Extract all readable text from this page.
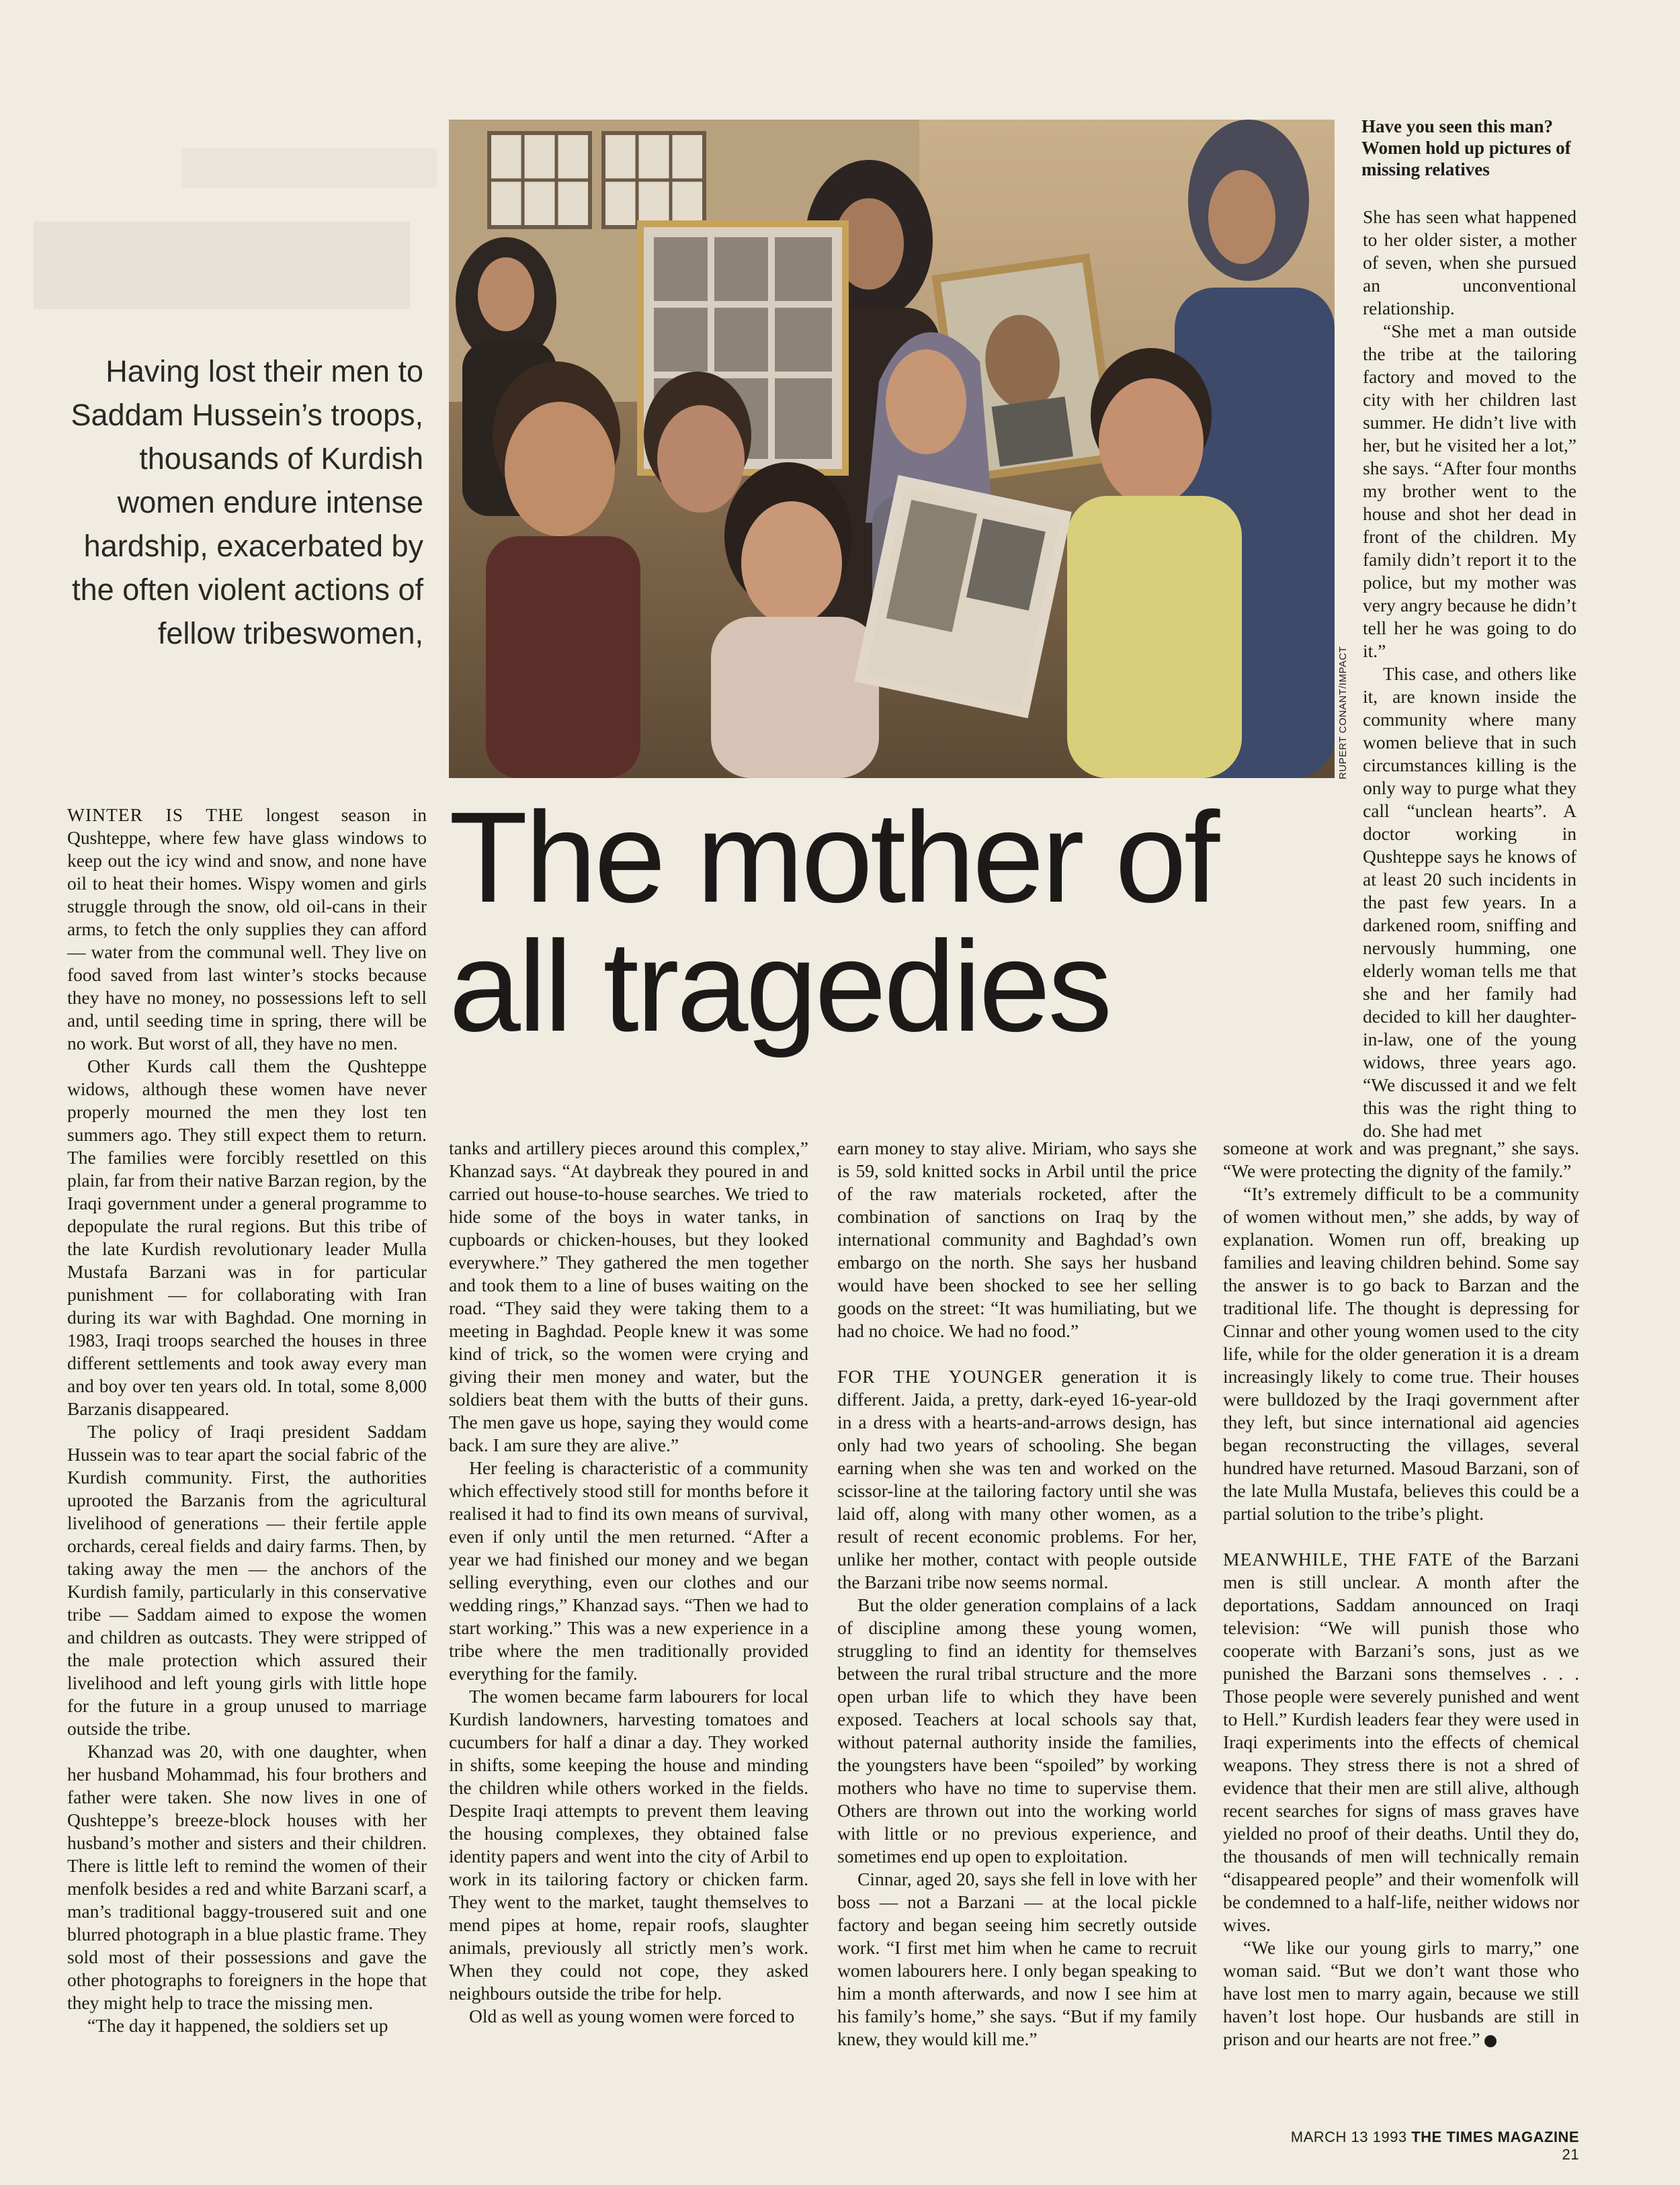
RUPERT CONANT/IMPACT
Have you seen this man? Women hold up pictures of missing relatives
Having lost their men to Saddam Hussein’s troops, thousands of Kurdish women endure intense hardship, exacerbated by the often violent actions of fellow tribeswomen,
The mother of
all tragedies

WINTER IS THE longest season in Qushteppe, where few have glass windows to keep out the icy wind and snow, and none have oil to heat their homes. Wispy women and girls struggle through the snow, old oil-cans in their arms, to fetch the only supplies they can afford — water from the communal well. They live on food saved from last winter’s stocks because they have no money, no possessions left to sell and, until seeding time in spring, there will be no work. But worst of all, they have no men.

Other Kurds call them the Qushteppe widows, although these women have never properly mourned the men they lost ten summers ago. They still expect them to return. The families were forcibly resettled on this plain, far from their native Barzan region, by the Iraqi government under a general programme to depopulate the rural regions. But this tribe of the late Kurdish revolutionary leader Mulla Mustafa Barzani was in for particular punishment — for collaborating with Iran during its war with Baghdad. One morning in 1983, Iraqi troops searched the houses in three different settlements and took away every man and boy over ten years old. In total, some 8,000 Barzanis disappeared.

The policy of Iraqi president Saddam Hussein was to tear apart the social fabric of the Kurdish community. First, the authorities uprooted the Barzanis from the agricultural livelihood of generations — their fertile apple orchards, cereal fields and dairy farms. Then, by taking away the men — the anchors of the Kurdish family, particularly in this conservative tribe — Saddam aimed to expose the women and children as outcasts. They were stripped of the male protection which assured their livelihood and left young girls with little hope for the future in a group unused to marriage outside the tribe.

Khanzad was 20, with one daughter, when her husband Mohammad, his four brothers and father were taken. She now lives in one of Qushteppe’s breeze-block houses with her husband’s mother and sisters and their children. There is little left to remind the women of their menfolk besides a red and white Barzani scarf, a man’s traditional baggy-trousered suit and one blurred photograph in a blue plastic frame. They sold most of their possessions and gave the other photographs to foreigners in the hope that they might help to trace the missing men.

“The day it happened, the soldiers set up

tanks and artillery pieces around this complex,” Khanzad says. “At daybreak they poured in and carried out house-to-house searches. We tried to hide some of the boys in water tanks, in cupboards or chicken-houses, but they looked everywhere.” They gathered the men together and took them to a line of buses waiting on the road. “They said they were taking them to a meeting in Baghdad. People knew it was some kind of trick, so the women were crying and giving their men money and water, but the soldiers beat them with the butts of their guns. The men gave us hope, saying they would come back. I am sure they are alive.”

Her feeling is characteristic of a community which effectively stood still for months before it realised it had to find its own means of survival, even if only until the men returned. “After a year we had finished our money and we began selling everything, even our clothes and our wedding rings,” Khanzad says. “Then we had to start working.” This was a new experience in a tribe where the men traditionally provided everything for the family.

The women became farm labourers for local Kurdish landowners, harvesting tomatoes and cucumbers for half a dinar a day. They worked in shifts, some keeping the house and minding the children while others worked in the fields. Despite Iraqi attempts to prevent them leaving the housing complexes, they obtained false identity papers and went into the city of Arbil to work in its tailoring factory or chicken farm. They went to the market, taught themselves to mend pipes at home, repair roofs, slaughter animals, previously all strictly men’s work. When they could not cope, they asked neighbours outside the tribe for help.

Old as well as young women were forced to

earn money to stay alive. Miriam, who says she is 59, sold knitted socks in Arbil until the price of the raw materials rocketed, after the combination of sanctions on Iraq by the international community and Baghdad’s own embargo on the north. She says her husband would have been shocked to see her selling goods on the street: “It was humiliating, but we had no choice. We had no food.”

FOR THE YOUNGER generation it is different. Jaida, a pretty, dark-eyed 16-year-old in a dress with a hearts-and-arrows design, has only had two years of schooling. She began earning when she was ten and worked on the scissor-line at the tailoring factory until she was laid off, along with many other women, as a result of recent economic problems. For her, unlike her mother, contact with people outside the Barzani tribe now seems normal.

But the older generation complains of a lack of discipline among these young women, struggling to find an identity for themselves between the rural tribal structure and the more open urban life to which they have been exposed. Teachers at local schools say that, without paternal authority inside the families, the youngsters have been “spoiled” by working mothers who have no time to supervise them. Others are thrown out into the working world with little or no previous experience, and sometimes end up open to exploitation.

Cinnar, aged 20, says she fell in love with her boss — not a Barzani — at the local pickle factory and began seeing him secretly outside work. “I first met him when he came to recruit women labourers here. I only began speaking to him a month afterwards, and now I see him at his family’s home,” she says. “But if my family knew, they would kill me.”

She has seen what happened to her older sister, a mother of seven, when she pursued an unconventional relationship.

“She met a man outside the tribe at the tailoring factory and moved to the city with her children last summer. He didn’t live with her, but he visited her a lot,” she says. “After four months my brother went to the house and shot her dead in front of the children. My family didn’t report it to the police, but my mother was very angry because he didn’t tell her he was going to do it.”

This case, and others like it, are known inside the community where many women believe that in such circumstances killing is the only way to purge what they call “unclean hearts”. A doctor working in Qushteppe says he knows of at least 20 such incidents in the past few years. In a darkened room, sniffing and nervously humming, one elderly woman tells me that she and her family had decided to kill her daughter-in-law, one of the young widows, three years ago. “We discussed it and we felt this was the right thing to do. She had met

someone at work and was pregnant,” she says. “We were protecting the dignity of the family.”

“It’s extremely difficult to be a community of women without men,” she adds, by way of explanation. Women run off, breaking up families and leaving children behind. Some say the answer is to go back to Barzan and the traditional life. The thought is depressing for Cinnar and other young women used to the city life, while for the older generation it is a dream increasingly likely to come true. Their houses were bulldozed by the Iraqi government after they left, but since international aid agencies began reconstructing the villages, several hundred have returned. Masoud Barzani, son of the late Mulla Mustafa, believes this could be a partial solution to the tribe’s plight.

MEANWHILE, THE FATE of the Barzani men is still unclear. A month after the deportations, Saddam announced on Iraqi television: “We will punish those who cooperate with Barzani’s sons, just as we punished the Barzani sons themselves . . . Those people were severely punished and went to Hell.” Kurdish leaders fear they were used in Iraqi experiments into the effects of chemical weapons. They stress there is not a shred of evidence that their men are still alive, although recent searches for signs of mass graves have yielded no proof of their deaths. Until they do, the thousands of men will technically remain “disappeared people” and their womenfolk will be condemned to a half-life, neither widows nor wives.

“We like our young girls to marry,” one woman said. “But we don’t want those who have lost men to marry again, because we still haven’t lost hope. Our husbands are still in prison and our hearts are not free.”

MARCH 13 1993 THE TIMES MAGAZINE 21
